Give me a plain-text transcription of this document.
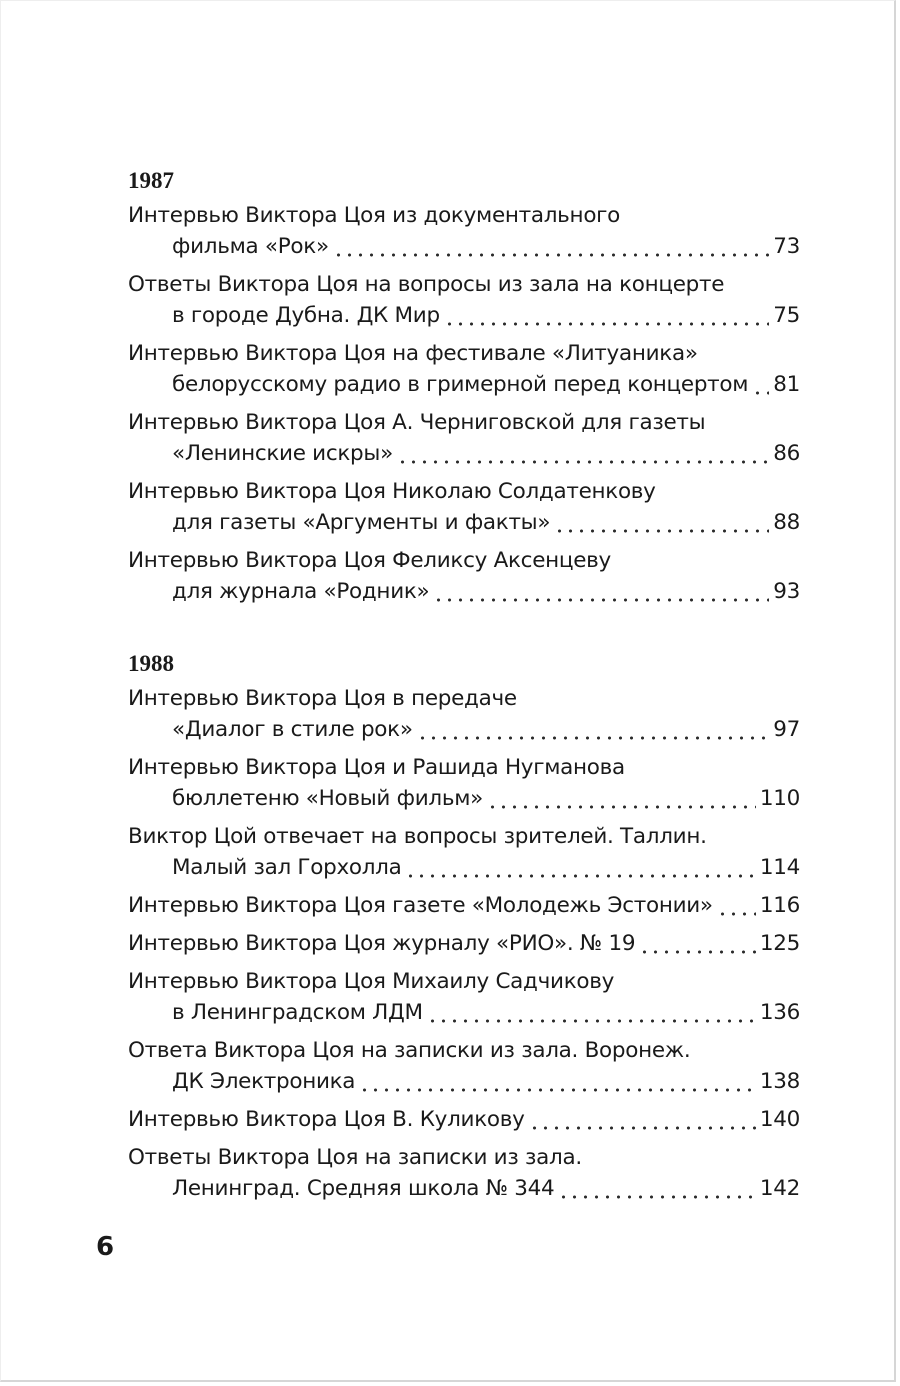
1987
Интервью Виктора Цоя из документального
фильма «Рок»	73
Ответы Виктора Цоя на вопросы из зала на концерте
в городе Дубна. ДК Мир	75
Интервью Виктора Цоя на фестивале «Литуаника»
белорусскому радио в гримерной перед концертом 81
Интервью Виктора Цоя А. Черниговской для газеты
«Ленинские искры»	86
Интервью Виктора Цоя Николаю Солдатенкову
для газеты «Аргументы и факты»	88
Интервью Виктора Цоя Феликсу Аксенцеву
для журнала «Родник»	93
1988
Интервью Виктора Цоя в передаче
«Диалог в стиле рок»	97
Интервью Виктора Цоя и Рашида Нугманова
бюллетеню «Новый фильм»	110
Виктор Цой отвечает на вопросы зрителей. Таллин.
Малый зал Горхолла	114
Интервью Виктора Цоя газете «Молодежь Эстонии» 116
Интервью Виктора Цоя журналу «РИО». № 19	125
Интервью Виктора Цоя Михаилу Садчикову
в Ленинградском ЛДМ	136
Ответа Виктора Цоя на записки из зала. Воронеж.
ДК Электроника	138
Интервью Виктора Цоя В. Куликову	140
Ответы Виктора Цоя на записки из зала.
Ленинград. Средняя школа № 344	142
6
